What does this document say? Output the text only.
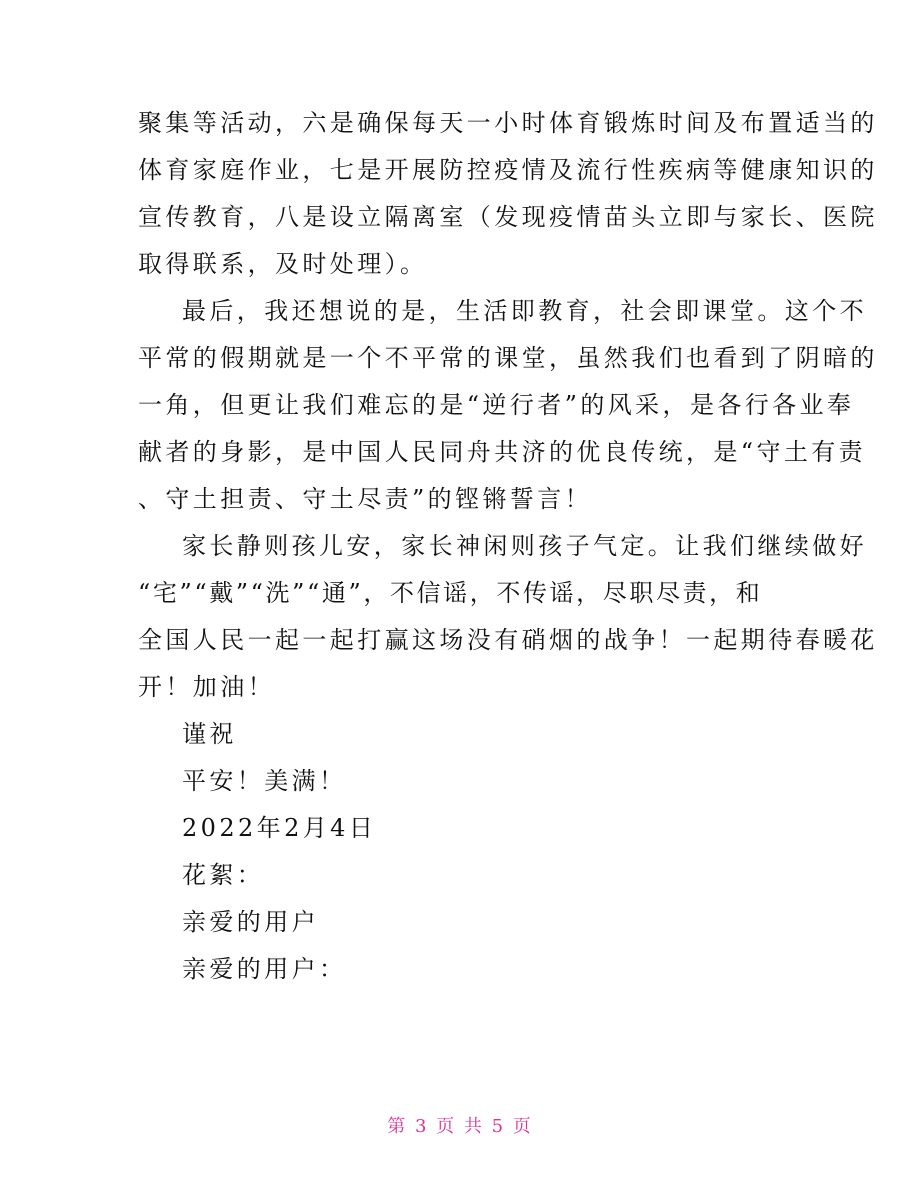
聚集等活动，六是确保每天一小时体育锻炼时间及布置适当的
体育家庭作业，七是开展防控疫情及流行性疾病等健康知识的
宣传教育，八是设立隔离室（发现疫情苗头立即与家长、医院
取得联系，及时处理）。
最后，我还想说的是，生活即教育，社会即课堂。这个不
平常的假期就是一个不平常的课堂，虽然我们也看到了阴暗的
一角，但更让我们难忘的是“逆行者”的风采，是各行各业奉
献者的身影，是中国人民同舟共济的优良传统，是“守土有责
、守土担责、守土尽责”的铿锵誓言！
家长静则孩儿安，家长神闲则孩子气定。让我们继续做好
“宅”“戴”“洗”“通”，不信谣，不传谣，尽职尽责，和
全国人民一起一起打赢这场没有硝烟的战争！一起期待春暖花
开！加油！
谨祝
平安！美满！
2022年2月4日
花絮：
亲爱的用户
亲爱的用户：
第 3 页 共 5 页
